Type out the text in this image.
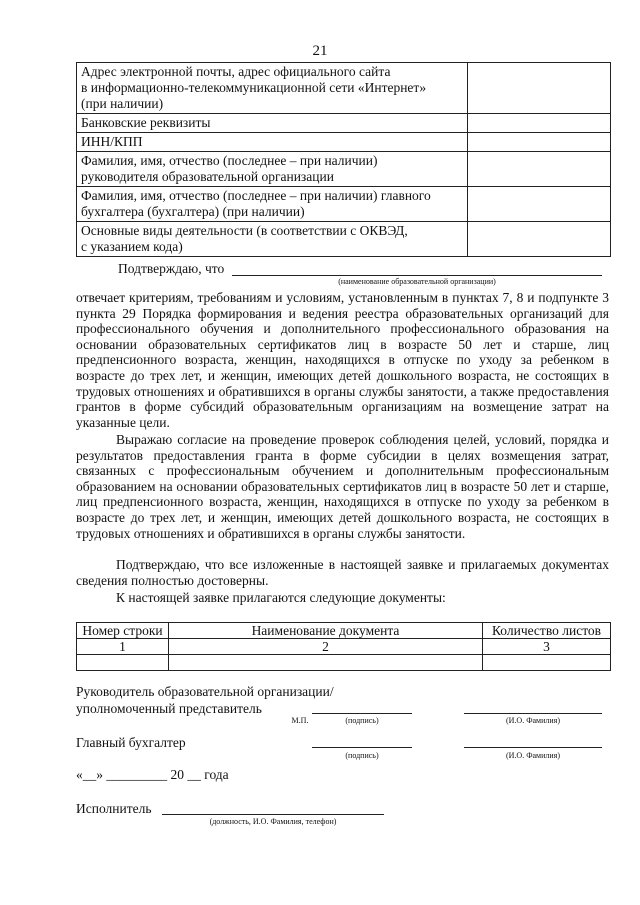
21
Адрес электронной почты, адрес официального сайта
в информационно-телекоммуникационной сети «Интернет»
(при наличии)	

Банковские реквизиты	

ИНН/КПП	

Фамилия, имя, отчество (последнее – при наличии)
руководителя образовательной организации	

Фамилия, имя, отчество (последнее – при наличии) главного
бухгалтера (бухгалтера) (при наличии)	

Основные виды деятельности (в соответствии с ОКВЭД,
с указанием кода)	

Подтверждаю, что
(наименование образовательной организации)
отвечает критериям, требованиям и условиям, установленным в пунктах 7, 8 и подпункте 3 пункта 29 Порядка формирования и ведения реестра образовательных организаций для профессионального обучения и дополнительного профессионального образования на основании образовательных сертификатов лиц в возрасте 50 лет и старше, лиц предпенсионного возраста, женщин, находящихся в отпуске по уходу за ребенком в возрасте до трех лет, и женщин, имеющих детей дошкольного возраста, не состоящих в трудовых отношениях и обратившихся в органы службы занятости, а также предоставления грантов в форме субсидий образовательным организациям на возмещение затрат на указанные цели.
Выражаю согласие на проведение проверок соблюдения целей, условий, порядка и результатов предоставления гранта в форме субсидии в целях возмещения затрат, связанных с профессиональным обучением и дополнительным профессиональным образованием на основании образовательных сертификатов лиц в возрасте 50 лет и старше, лиц предпенсионного возраста, женщин, находящихся в отпуске по уходу за ребенком в возрасте до трех лет, и женщин, имеющих детей дошкольного возраста, не состоящих в трудовых отношениях и обратившихся в органы службы занятости.
Подтверждаю, что все изложенные в настоящей заявке и прилагаемых документах сведения полностью достоверны.
К настоящей заявке прилагаются следующие документы:
Номер строки	Наименование документа	Количество листов
1	2	3

Руководитель образовательной организации/
уполномоченный представитель
М.П.	(подпись)	(И.О. Фамилия)
Главный бухгалтер
(подпись)	(И.О. Фамилия)
«__» _________ 20 __ года
Исполнитель
(должность, И.О. Фамилия, телефон)
